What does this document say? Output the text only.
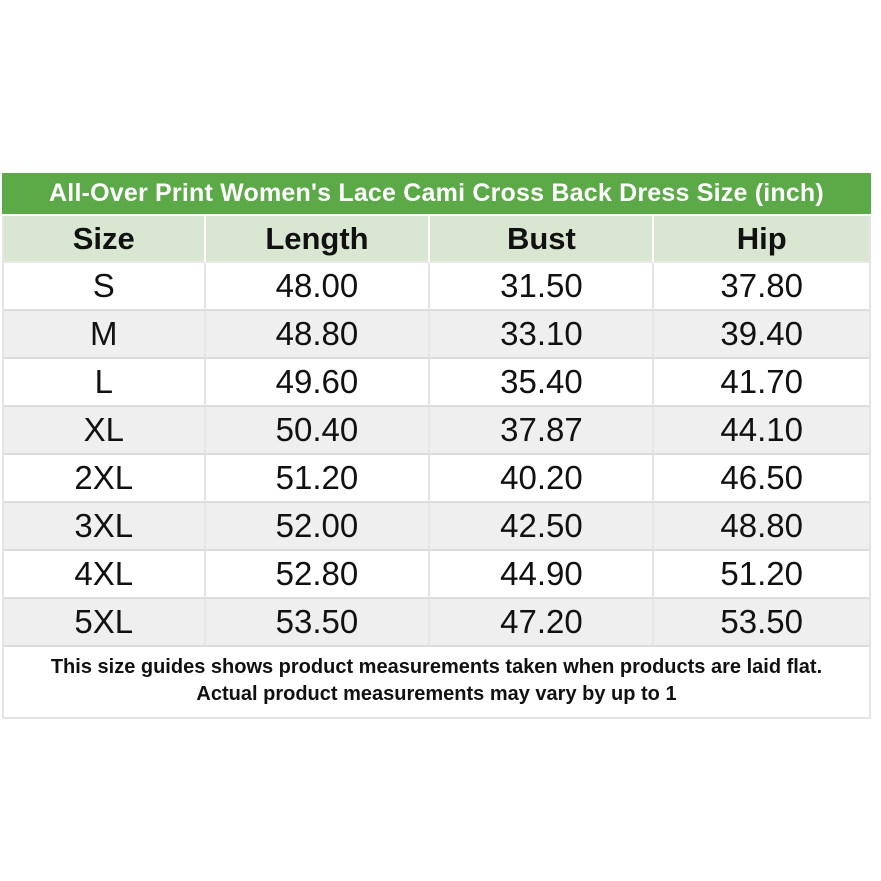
All-Over Print Women's Lace Cami Cross Back Dress Size (inch)
Size	Length	Bust	Hip
S	48.00	31.50	37.80
M	48.80	33.10	39.40
L	49.60	35.40	41.70
XL	50.40	37.87	44.10
2XL	51.20	40.20	46.50
3XL	52.00	42.50	48.80
4XL	52.80	44.90	51.20
5XL	53.50	47.20	53.50

This size guides shows product measurements taken when products are laid flat.
Actual product measurements may vary by up to 1			
